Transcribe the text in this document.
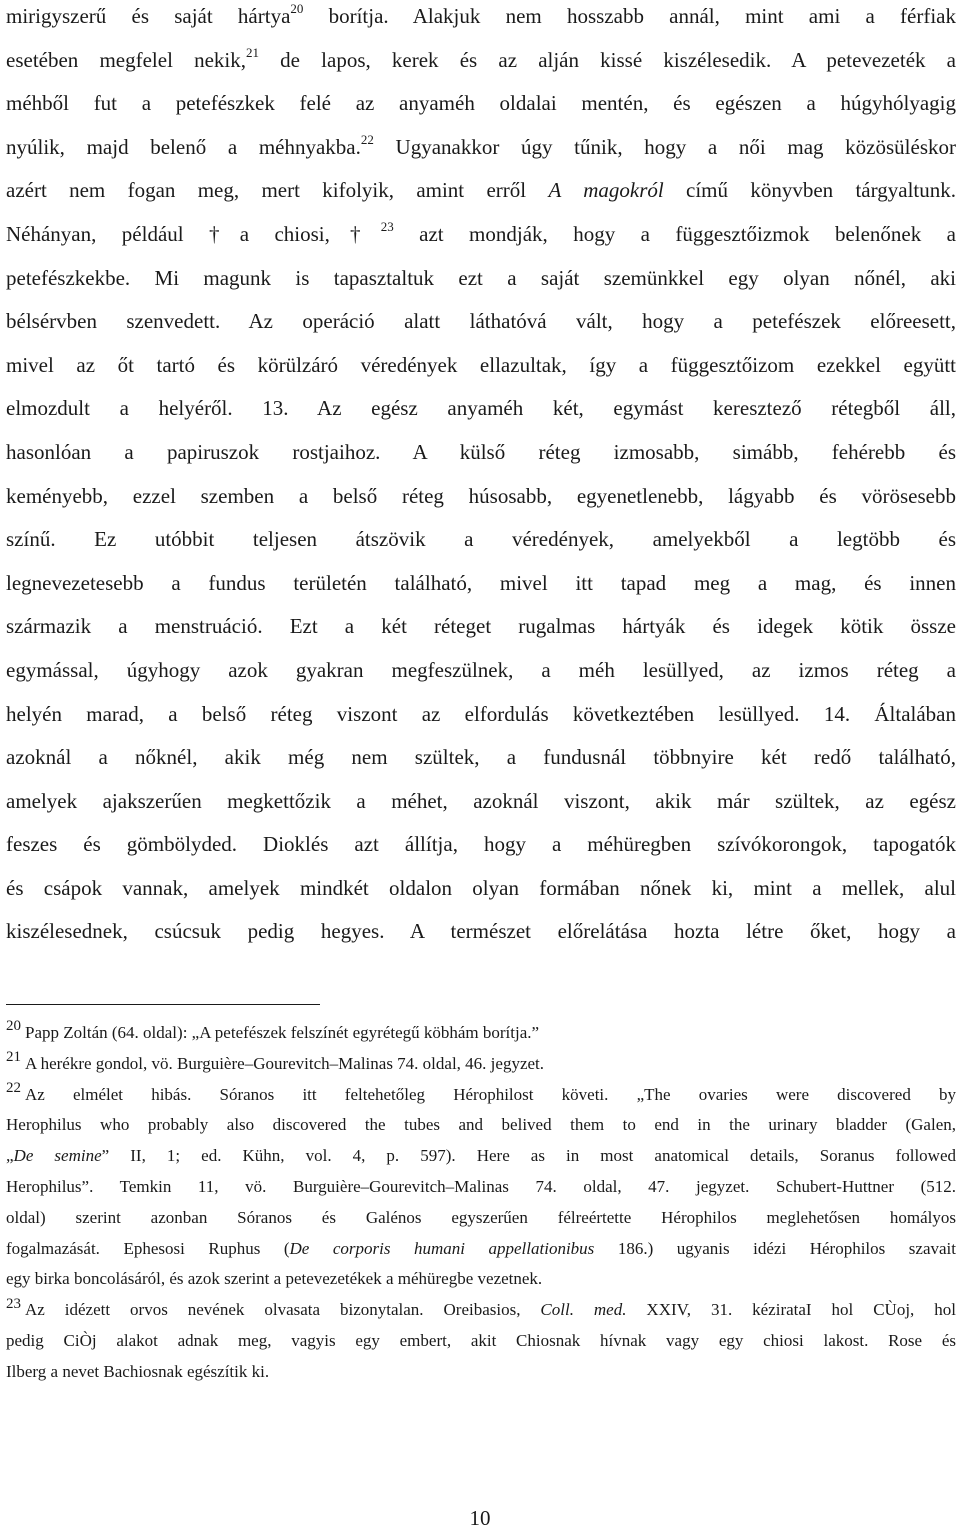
mirigyszerű és saját hártya$^{20}$ borítja. Alakjuk nem hosszabb annál, mint ami a férfiak
esetében megfelel nekik,$^{21}$ de lapos, kerek és az alján kissé kiszélesedik. A petevezeték a
méhből fut a petefészkek felé az anyaméh oldalai mentén, és egészen a húgyhólyagig
nyúlik, majd belenő a méhnyakba.$^{22}$ Ugyanakkor úgy tűnik, hogy a női mag közösüléskor
azért nem fogan meg, mert kifolyik, amint erről A magokról című könyvben tárgyaltunk.
Néhányan, például †a chiosi,†$^{23}$ azt mondják, hogy a függesztőizmok belenőnek a
petefészkekbe. Mi magunk is tapasztaltuk ezt a saját szemünkkel egy olyan nőnél, aki
bélsérvben szenvedett. Az operáció alatt láthatóvá vált, hogy a petefészek előreesett,
mivel az őt tartó és körülzáró véredények ellazultak, így a függesztőizom ezekkel együtt
elmozdult a helyéről. 13. Az egész anyaméh két, egymást keresztező rétegből áll,
hasonlóan a papiruszok rostjaihoz. A külső réteg izmosabb, simább, fehérebb és
keményebb, ezzel szemben a belső réteg húsosabb, egyenetlenebb, lágyabb és vörösesebb
színű. Ez utóbbit teljesen átszövik a véredények, amelyekből a legtöbb és
legnevezetesebb a fundus területén található, mivel itt tapad meg a mag, és innen
származik a menstruáció. Ezt a két réteget rugalmas hártyák és idegek kötik össze
egymással, úgyhogy azok gyakran megfeszülnek, a méh lesüllyed, az izmos réteg a
helyén marad, a belső réteg viszont az elfordulás következtében lesüllyed. 14. Általában
azoknál a nőknél, akik még nem szültek, a fundusnál többnyire két redő található,
amelyek ajakszerűen megkettőzik a méhet, azoknál viszont, akik már szültek, az egész
feszes és gömbölyded. Dioklés azt állítja, hogy a méhüregben szívókorongok, tapogatók
és csápok vannak, amelyek mindkét oldalon olyan formában nőnek ki, mint a mellek, alul
kiszélesednek, csúcsuk pedig hegyes. A természet előrelátása hozta létre őket, hogy a
20 Papp Zoltán (64. oldal): „A petefészek felszínét egyrétegű köbhám borítja.”
21 A herékre gondol, vö. Burguière–Gourevitch–Malinas 74. oldal, 46. jegyzet.
22 Az elmélet hibás. Sóranos itt feltehetőleg Hérophilost követi. „The ovaries were discovered by
Herophilus who probably also discovered the tubes and belived them to end in the urinary bladder (Galen,
„De semine” II, 1; ed. Kühn, vol. 4, p. 597). Here as in most anatomical details, Soranus followed
Herophilus”. Temkin 11, vö. Burguière–Gourevitch–Malinas 74. oldal, 47. jegyzet. Schubert-Huttner (512.
oldal) szerint azonban Sóranos és Galénos egyszerűen félreértette Hérophilos meglehetősen homályos
fogalmazását. Ephesosi Ruphus (De corporis humani appellationibus 186.) ugyanis idézi Hérophilos szavait
egy birka boncolásáról, és azok szerint a petevezetékek a méhüregbe vezetnek.
23 Az idézett orvos nevének olvasata bizonytalan. Oreibasios, Coll. med. XXIV, 31. kézirataI hol CÙoj, hol
pedig CiÒj alakot adnak meg, vagyis egy embert, akit Chiosnak hívnak vagy egy chiosi lakost. Rose és
Ilberg a nevet Bachiosnak egészítik ki.
10
